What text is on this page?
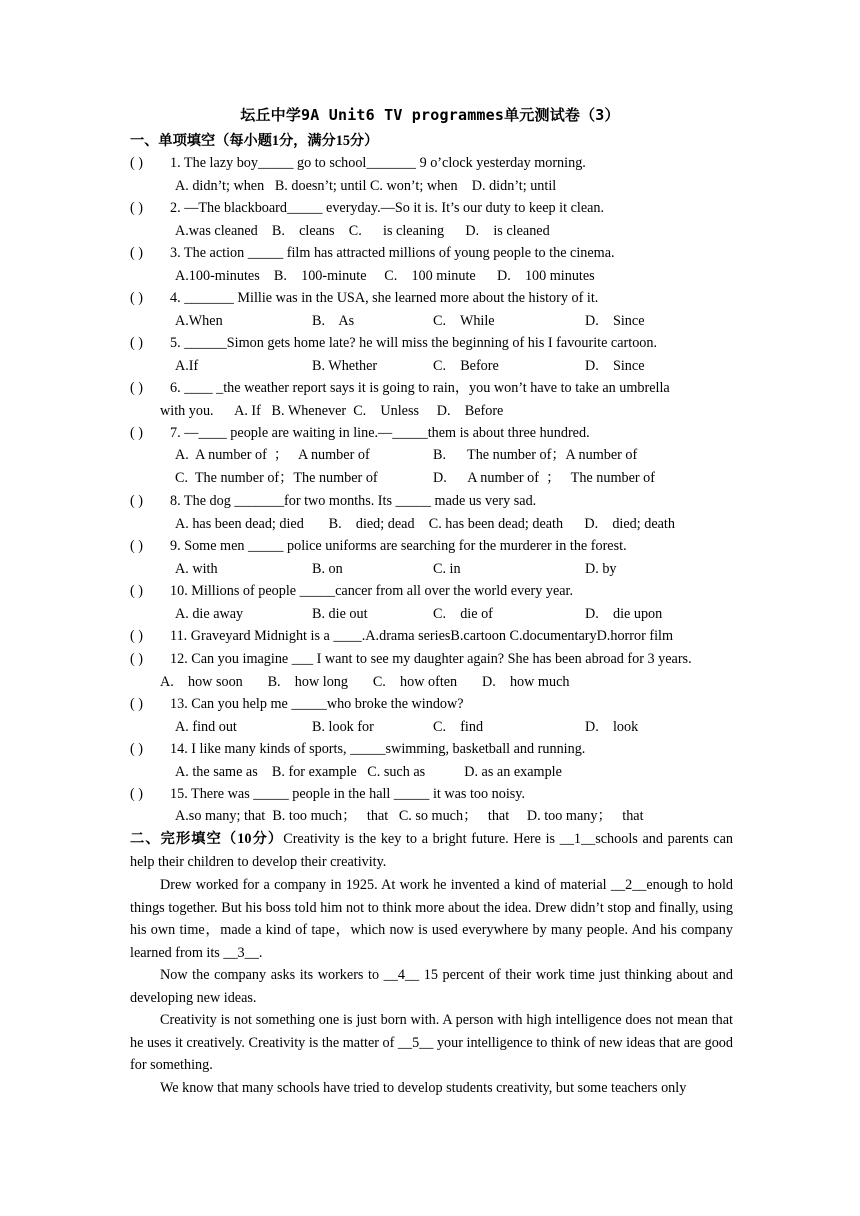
坛丘中学9A Unit6 TV programmes单元测试卷（3）
一、单项填空（每小题1分，满分15分）
( ) 1. The lazy boy_____ go to school_______ 9 o’clock yesterday morning.
A. didn’t; when   B. doesn’t; until C. won’t; when    D. didn’t; until
( ) 2. —The blackboard_____ everyday.—So it is. It’s our duty to keep it clean.
A.was cleaned    B.    cleans    C.      is cleaning      D.    is cleaned
( ) 3. The action _____ film has attracted millions of young people to the cinema.
A.100-minutes    B.    100-minute     C.    100 minute      D.    100 minutes
( ) 4. _______ Millie was in the USA, she learned more about the history of it.
A.When	B.    As	C.    While	D.    Since
( ) 5. ______Simon gets home late? he will miss the beginning of his I favourite cartoon.
A.If	B. Whether	C.    Before	D.    Since
( ) 6. ____ _the weather report says it is going to rain，you won’t have to take an umbrella
with you.      A. If   B. Whenever  C.    Unless     D.    Before
( ) 7. —____ people are waiting in line.—_____them is about three hundred.
A.  A number of  ；   A number of	B.      The number of；A number of
C.  The number of；The number of	D.      A number of  ；   The number of
( ) 8. The dog _______for two months. Its _____ made us very sad.
A. has been dead; died       B.    died; dead    C. has been dead; death      D.    died; death
( ) 9. Some men _____ police uniforms are searching for the murderer in the forest.
A. with	B. on	C. in	D. by
( ) 10. Millions of people _____cancer from all over the world every year.
A. die away	B. die out	C.    die of	D.    die upon
( ) 11. Graveyard Midnight is a ____.A.drama seriesB.cartoon C.documentaryD.horror film
( ) 12. Can you imagine ___ I want to see my daughter again? She has been abroad for 3 years.
A.    how soon       B.    how long       C.    how often       D.    how much
( ) 13. Can you help me _____who broke the window?
A. find out	B. look for	C.    find	D.    look
( ) 14. I like many kinds of sports, _____swimming, basketball and running.
A. the same as    B. for example   C. such as           D. as an example
( ) 15. There was _____ people in the hall _____ it was too noisy.
A.so many; that  B. too much；   that   C. so much；   that     D. too many；   that
二、完形填空（10分）Creativity is the key to a bright future. Here is __1__schools and parents can help their children to develop their creativity.
Drew worked for a company in 1925. At work he invented a kind of material __2__enough to hold things together. But his boss told him not to think more about the idea. Drew didn’t stop and finally, using his own time，made a kind of tape，which now is used everywhere by many people. And his company learned from its __3__.
Now the company asks its workers to __4__ 15 percent of their work time just thinking about and developing new ideas.
Creativity is not something one is just born with. A person with high intelligence does not mean that he uses it creatively. Creativity is the matter of __5__ your intelligence to think of new ideas that are good for something.
We know that many schools have tried to develop students creativity, but some teachers only
